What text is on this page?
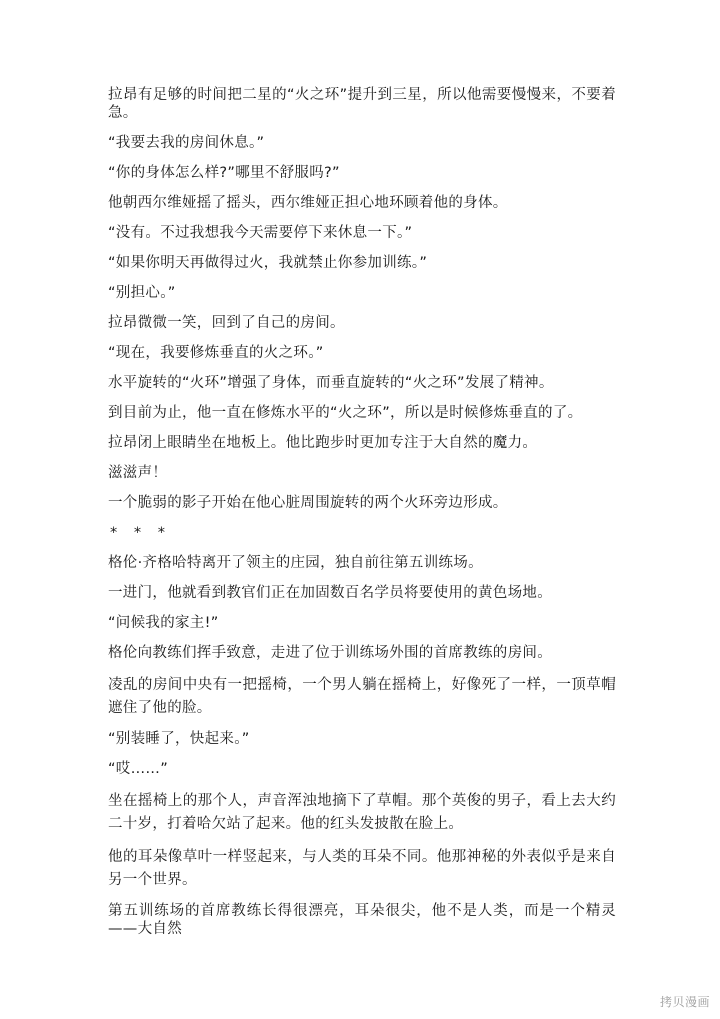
拉昂有足够的时间把二星的“火之环”提升到三星，所以他需要慢慢来，不要着急。

“我要去我的房间休息。”

“你的身体怎么样?”哪里不舒服吗?”

他朝西尔维娅摇了摇头，西尔维娅正担心地环顾着他的身体。

“没有。不过我想我今天需要停下来休息一下。”

“如果你明天再做得过火，我就禁止你参加训练。”

“别担心。”

拉昂微微一笑，回到了自己的房间。

“现在，我要修炼垂直的火之环。”

水平旋转的“火环”增强了身体，而垂直旋转的“火之环”发展了精神。

到目前为止，他一直在修炼水平的“火之环”，所以是时候修炼垂直的了。

拉昂闭上眼睛坐在地板上。他比跑步时更加专注于大自然的魔力。

滋滋声！

一个脆弱的影子开始在他心脏周围旋转的两个火环旁边形成。

* * *

格伦·齐格哈特离开了领主的庄园，独自前往第五训练场。

一进门，他就看到教官们正在加固数百名学员将要使用的黄色场地。

“问候我的家主!”

格伦向教练们挥手致意，走进了位于训练场外围的首席教练的房间。

凌乱的房间中央有一把摇椅，一个男人躺在摇椅上，好像死了一样，一顶草帽遮住了他的脸。

“别装睡了，快起来。”

“哎……”

坐在摇椅上的那个人，声音浑浊地摘下了草帽。那个英俊的男子，看上去大约二十岁，打着哈欠站了起来。他的红头发披散在脸上。

他的耳朵像草叶一样竖起来，与人类的耳朵不同。他那神秘的外表似乎是来自另一个世界。

第五训练场的首席教练长得很漂亮，耳朵很尖，他不是人类，而是一个精灵——大自然

拷贝漫画
